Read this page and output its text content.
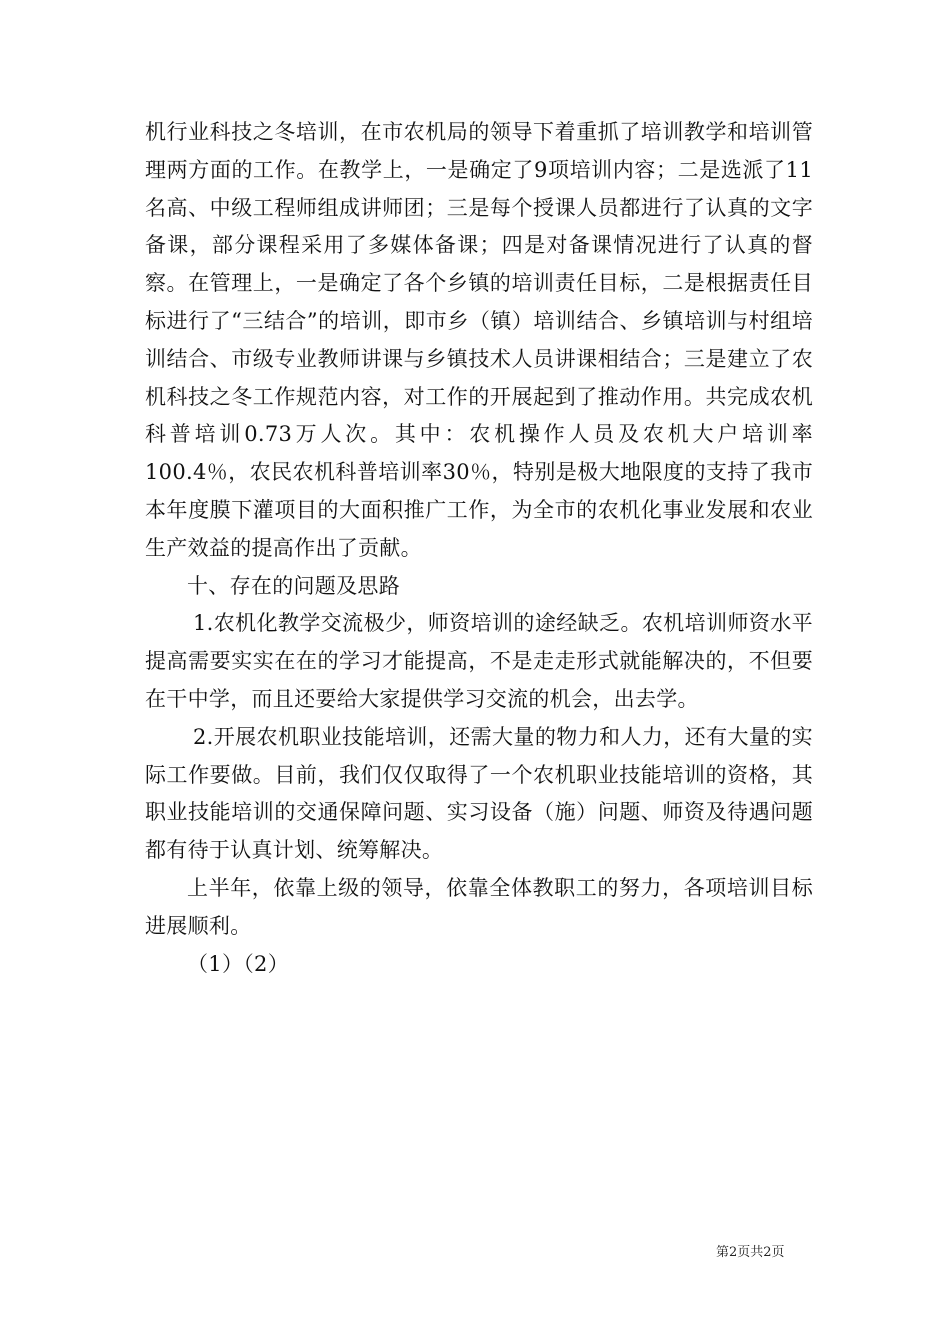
机行业科技之冬培训，在市农机局的领导下着重抓了培训教学和培训管理两方面的工作。在教学上，一是确定了9项培训内容；二是选派了11名高、中级工程师组成讲师团；三是每个授课人员都进行了认真的文字备课，部分课程采用了多媒体备课；四是对备课情况进行了认真的督察。在管理上，一是确定了各个乡镇的培训责任目标，二是根据责任目标进行了“三结合”的培训，即市乡（镇）培训结合、乡镇培训与村组培训结合、市级专业教师讲课与乡镇技术人员讲课相结合；三是建立了农机科技之冬工作规范内容，对工作的开展起到了推动作用。共完成农机科普培训0.73万人次。其中：农机操作人员及农机大户培训率100.4％，农民农机科普培训率30％，特别是极大地限度的支持了我市本年度膜下灌项目的大面积推广工作，为全市的农机化事业发展和农业生产效益的提高作出了贡献。

十、存在的问题及思路

1.农机化教学交流极少，师资培训的途经缺乏。农机培训师资水平提高需要实实在在的学习才能提高，不是走走形式就能解决的，不但要在干中学，而且还要给大家提供学习交流的机会，出去学。

2.开展农机职业技能培训，还需大量的物力和人力，还有大量的实际工作要做。目前，我们仅仅取得了一个农机职业技能培训的资格，其职业技能培训的交通保障问题、实习设备（施）问题、师资及待遇问题都有待于认真计划、统筹解决。

上半年，依靠上级的领导，依靠全体教职工的努力，各项培训目标进展顺利。

（1）（2）

第2页共2页
